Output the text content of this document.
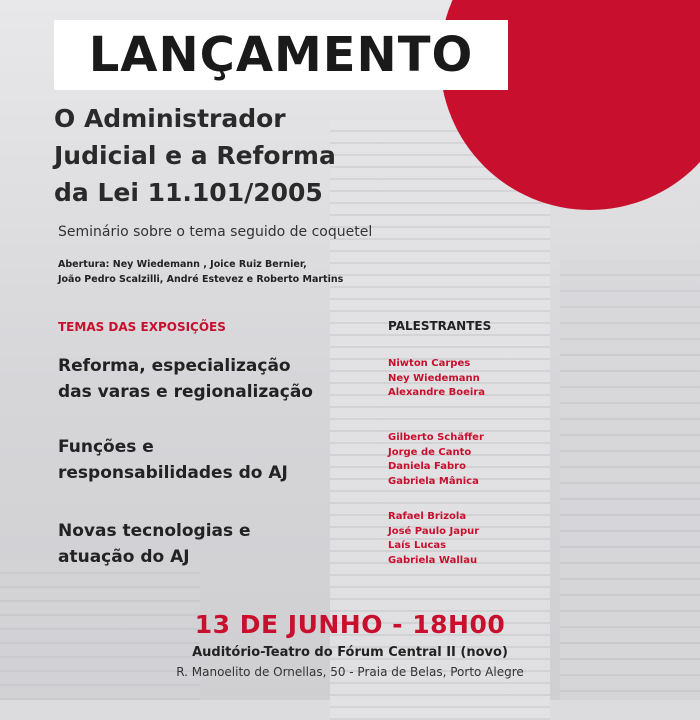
LANÇAMENTO
O Administrador
Judicial e a Reforma
da Lei 11.101/2005
Seminário sobre o tema seguido de coquetel
Abertura: Ney Wiedemann , Joice Ruiz Bernier,
João Pedro Scalzilli, André Estevez e Roberto Martins
TEMAS DAS EXPOSIÇÕES	PALESTRANTES
Reforma, especialização
das varas e regionalização
Niwton Carpes
Ney Wiedemann
Alexandre Boeira
Funções e
responsabilidades do AJ
Gilberto Schäffer
Jorge de Canto
Daniela Fabro
Gabriela Mânica
Novas tecnologias e
atuação do AJ
Rafael Brizola
José Paulo Japur
Laís Lucas
Gabriela Wallau
13 DE JUNHO - 18H00
Auditório-Teatro do Fórum Central II (novo)
R. Manoelito de Ornellas, 50 - Praia de Belas, Porto Alegre
